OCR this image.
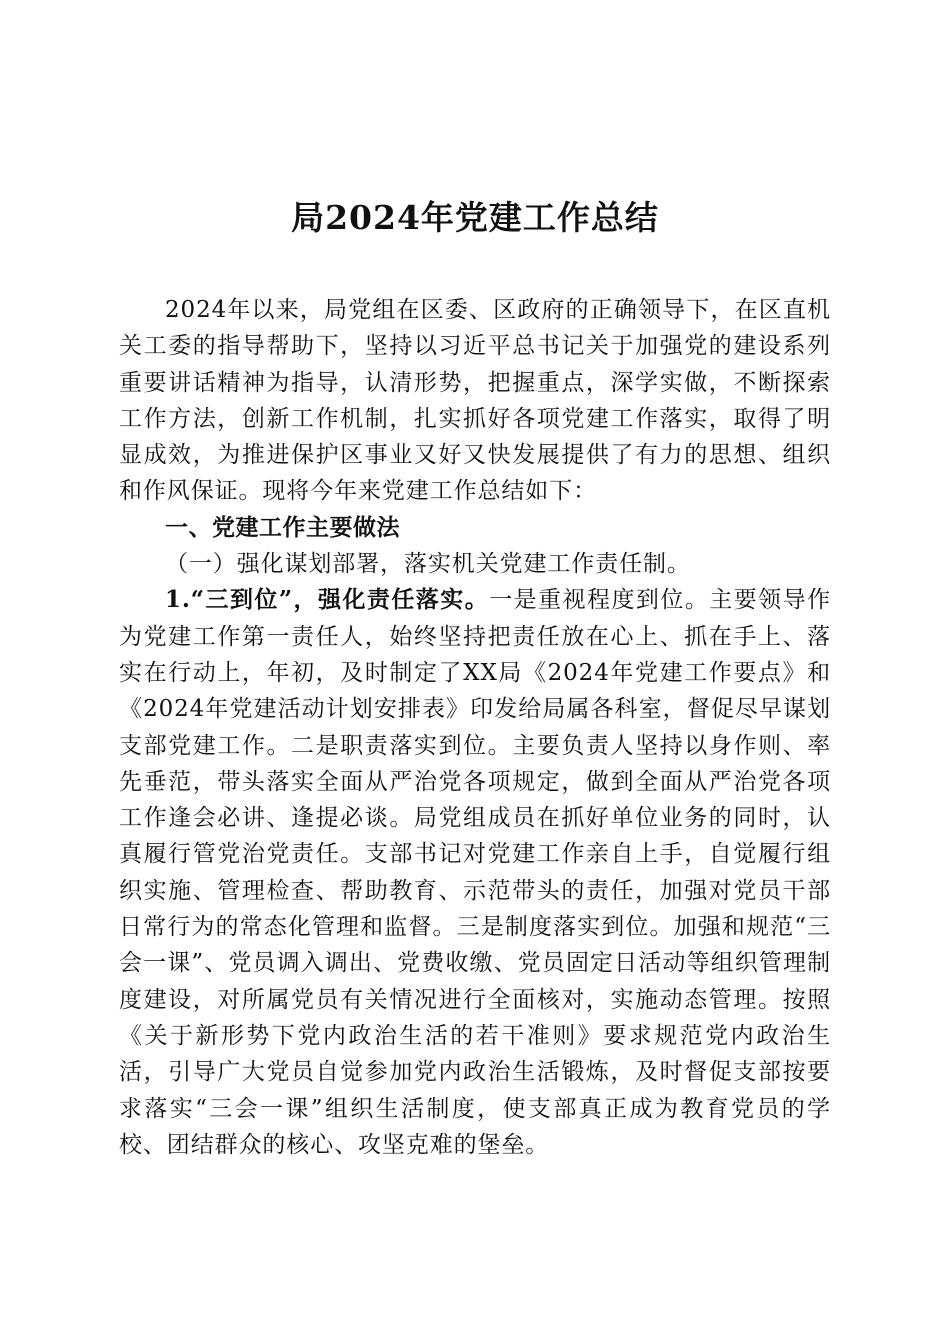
局2024年党建工作总结

2024年以来，局党组在区委、区政府的正确领导下，在区直机关工委的指导帮助下，坚持以习近平总书记关于加强党的建设系列重要讲话精神为指导，认清形势，把握重点，深学实做，不断探索工作方法，创新工作机制，扎实抓好各项党建工作落实，取得了明显成效，为推进保护区事业又好又快发展提供了有力的思想、组织和作风保证。现将今年来党建工作总结如下：

一、党建工作主要做法

（一）强化谋划部署，落实机关党建工作责任制。

1.“三到位”，强化责任落实。一是重视程度到位。主要领导作为党建工作第一责任人，始终坚持把责任放在心上、抓在手上、落实在行动上，年初，及时制定了XX局《2024年党建工作要点》和《2024年党建活动计划安排表》印发给局属各科室，督促尽早谋划支部党建工作。二是职责落实到位。主要负责人坚持以身作则、率先垂范，带头落实全面从严治党各项规定，做到全面从严治党各项工作逢会必讲、逢提必谈。局党组成员在抓好单位业务的同时，认真履行管党治党责任。支部书记对党建工作亲自上手，自觉履行组织实施、管理检查、帮助教育、示范带头的责任，加强对党员干部日常行为的常态化管理和监督。三是制度落实到位。加强和规范“三会一课”、党员调入调出、党费收缴、党员固定日活动等组织管理制度建设，对所属党员有关情况进行全面核对，实施动态管理。按照《关于新形势下党内政治生活的若干准则》要求规范党内政治生活，引导广大党员自觉参加党内政治生活锻炼，及时督促支部按要求落实“三会一课”组织生活制度，使支部真正成为教育党员的学校、团结群众的核心、攻坚克难的堡垒。
